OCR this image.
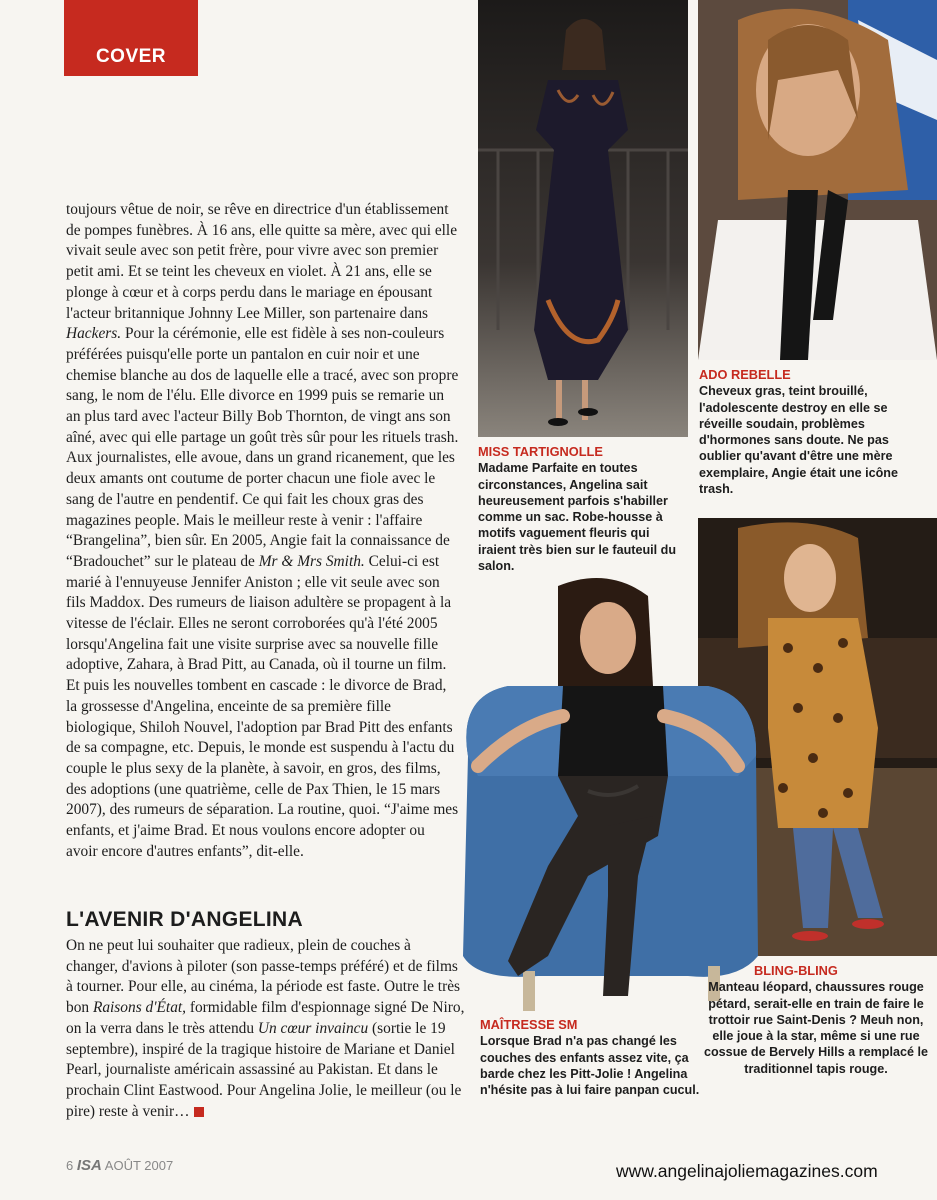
COVER

toujours vêtue de noir, se rêve en directrice d'un établissement de pompes funèbres. À 16 ans, elle quitte sa mère, avec qui elle vivait seule avec son petit frère, pour vivre avec son premier petit ami. Et se teint les cheveux en violet. À 21 ans, elle se plonge à cœur et à corps perdu dans le mariage en épousant l'acteur britannique Johnny Lee Miller, son partenaire dans Hackers. Pour la cérémonie, elle est fidèle à ses non-couleurs préférées puisqu'elle porte un pantalon en cuir noir et une chemise blanche au dos de laquelle elle a tracé, avec son propre sang, le nom de l'élu. Elle divorce en 1999 puis se remarie un an plus tard avec l'acteur Billy Bob Thornton, de vingt ans son aîné, avec qui elle partage un goût très sûr pour les rituels trash. Aux journalistes, elle avoue, dans un grand ricanement, que les deux amants ont coutume de porter chacun une fiole avec le sang de l'autre en pendentif. Ce qui fait les choux gras des magazines people. Mais le meilleur reste à venir : l'affaire “Brangelina”, bien sûr. En 2005, Angie fait la connaissance de “Bradouchet” sur le plateau de Mr & Mrs Smith. Celui-ci est marié à l'ennuyeuse Jennifer Aniston ; elle vit seule avec son fils Maddox. Des rumeurs de liaison adultère se propagent à la vitesse de l'éclair. Elles ne seront corroborées qu'à l'été 2005 lorsqu'Angelina fait une visite surprise avec sa nouvelle fille adoptive, Zahara, à Brad Pitt, au Canada, où il tourne un film. Et puis les nouvelles tombent en cascade : le divorce de Brad, la grossesse d'Angelina, enceinte de sa première fille biologique, Shiloh Nouvel, l'adoption par Brad Pitt des enfants de sa compagne, etc. Depuis, le monde est suspendu à l'actu du couple le plus sexy de la planète, à savoir, en gros, des films, des adoptions (une quatrième, celle de Pax Thien, le 15 mars 2007), des rumeurs de séparation. La routine, quoi. “J'aime mes enfants, et j'aime Brad. Et nous voulons encore adopter ou avoir encore d'autres enfants”, dit-elle.

L'AVENIR D'ANGELINA

On ne peut lui souhaiter que radieux, plein de couches à changer, d'avions à piloter (son passe-temps préféré) et de films à tourner. Pour elle, au cinéma, la période est faste. Outre le très bon Raisons d'État, formidable film d'espionnage signé De Niro, on la verra dans le très attendu Un cœur invaincu (sortie le 19 septembre), inspiré de la tragique histoire de Mariane et Daniel Pearl, journaliste américain assassiné au Pakistan. Et dans le prochain Clint Eastwood. Pour Angelina Jolie, le meilleur (ou le pire) reste à venir…

MISS TARTIGNOLLE
Madame Parfaite en toutes circonstances, Angelina sait heureusement parfois s'habiller comme un sac. Robe-housse à motifs vaguement fleuris qui iraient très bien sur le fauteuil du salon.
ADO REBELLE
Cheveux gras, teint brouillé, l'adolescente destroy en elle se réveille soudain, problèmes d'hormones sans doute. Ne pas oublier qu'avant d'être une mère exemplaire, Angie était une icône trash.
MAÎTRESSE SM
Lorsque Brad n'a pas changé les couches des enfants assez vite, ça barde chez les Pitt-Jolie ! Angelina n'hésite pas à lui faire panpan cucul.
BLING-BLING
Manteau léopard, chaussures rouge pétard, serait-elle en train de faire le trottoir rue Saint-Denis ? Meuh non, elle joue à la star, même si une rue cossue de Bervely Hills a remplacé le traditionnel tapis rouge.
6 ISA AOÛT 2007	www.angelinajoliemagazines.com
